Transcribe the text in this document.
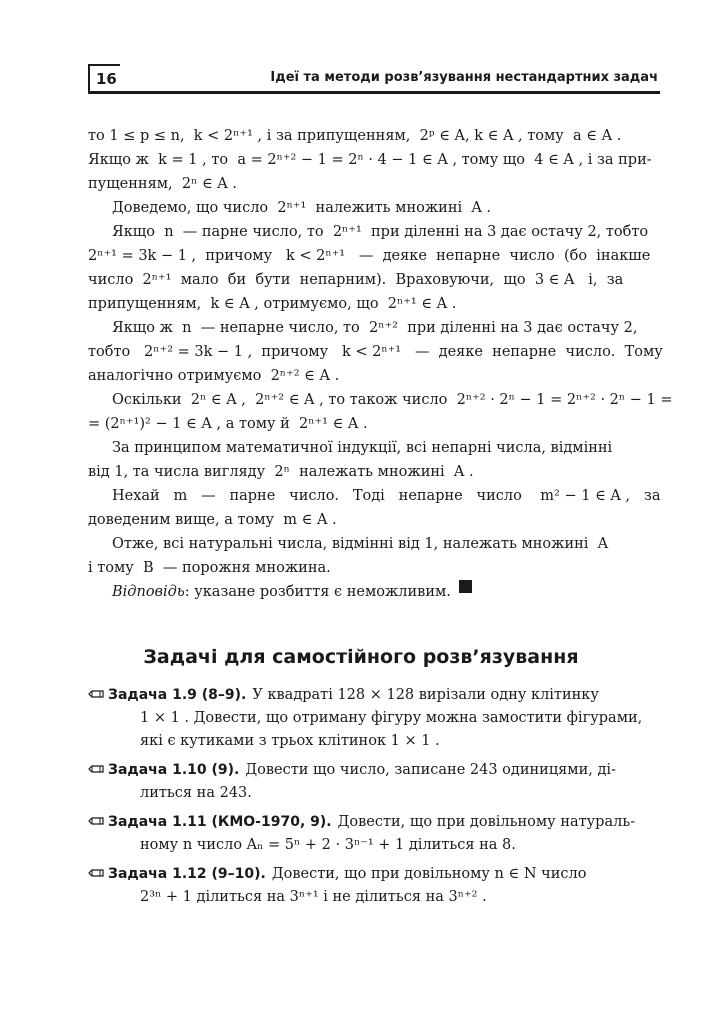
16	Ідеї та методи розв’язування нестандартних задач
то 1 ≤ p ≤ n,  k < 2ⁿ⁺¹ , і за припущенням,  2ᵖ ∈ A, k ∈ A , тому  a ∈ A .
Якщо ж  k = 1 , то  a = 2ⁿ⁺² − 1 = 2ⁿ · 4 − 1 ∈ A , тому що  4 ∈ A , і за при-
пущенням,  2ⁿ ∈ A .
Доведемо, що число  2ⁿ⁺¹  належить множині  A .
Якщо  n  — парне число, то  2ⁿ⁺¹  при діленні на 3 дає остачу 2, тобто
2ⁿ⁺¹ = 3k − 1 ,  причому   k < 2ⁿ⁺¹   —  деяке  непарне  число  (бо  інакше
число  2ⁿ⁺¹  мало  би  бути  непарним).  Враховуючи,  що  3 ∈ A   і,  за
припущенням,  k ∈ A , отримуємо, що  2ⁿ⁺¹ ∈ A .
Якщо ж  n  — непарне число, то  2ⁿ⁺²  при діленні на 3 дає остачу 2,
тобто   2ⁿ⁺² = 3k − 1 ,  причому   k < 2ⁿ⁺¹   —  деяке  непарне  число.  Тому
аналогічно отримуємо  2ⁿ⁺² ∈ A .
Оскільки  2ⁿ ∈ A ,  2ⁿ⁺² ∈ A , то також число  2ⁿ⁺² · 2ⁿ − 1 = 2ⁿ⁺² · 2ⁿ − 1 =
= (2ⁿ⁺¹)² − 1 ∈ A , а тому й  2ⁿ⁺¹ ∈ A .
За принципом математичної індукції, всі непарні числа, відмінні
від 1, та числа вигляду  2ⁿ  належать множині  A .
Нехай   m   —   парне   число.   Тоді   непарне   число    m² − 1 ∈ A ,   за
доведеним вище, а тому  m ∈ A .
Отже, всі натуральні числа, відмінні від 1, належать множині  A
і тому  B  — порожня множина.
Відповідь : указане розбиття є неможливим.
Задачі для самостійного розв’язування
Задача 1.9 (8–9). У квадраті 128 × 128 вирізали одну клітинку
1 × 1 . Довести, що отриману фігуру можна замостити фігурами,
які є кутиками з трьох клітинок 1 × 1 .
Задача 1.10 (9). Довести що число, записане 243 одиницями, ді-
литься на 243.
Задача 1.11 (КМО-1970, 9). Довести, що при довільному натураль-
ному n число Aₙ = 5ⁿ + 2 · 3ⁿ⁻¹ + 1 ділиться на 8.
Задача 1.12 (9–10). Довести, що при довільному n ∈ N число
2³ⁿ + 1 ділиться на 3ⁿ⁺¹ і не ділиться на 3ⁿ⁺² .
